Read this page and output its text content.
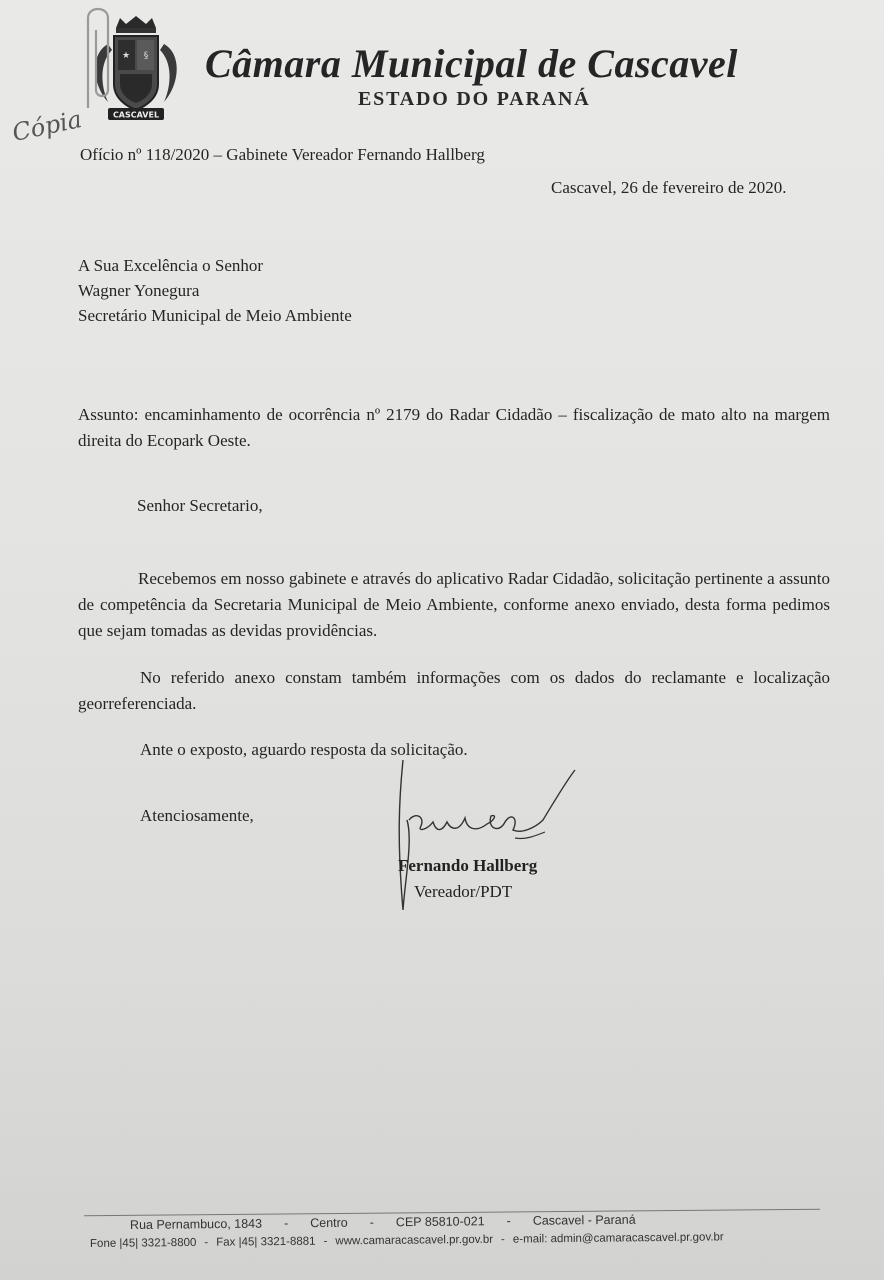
★ §
CASCAVEL
Câmara Municipal de Cascavel
ESTADO DO PARANÁ
Cópia
Ofício nº 118/2020 – Gabinete Vereador Fernando Hallberg
Cascavel, 26 de fevereiro de 2020.
A Sua Excelência o Senhor
Wagner Yonegura
Secretário Municipal de Meio Ambiente
Assunto: encaminhamento de ocorrência nº 2179 do Radar Cidadão – fiscalização de mato alto na margem direita do Ecopark Oeste.
Senhor Secretario,
Recebemos em nosso gabinete e através do aplicativo Radar Cidadão, solicitação pertinente a assunto de competência da Secretaria Municipal de Meio Ambiente, conforme anexo enviado, desta forma pedimos que sejam tomadas as devidas providências.
No referido anexo constam também informações com os dados do reclamante e localização georreferenciada.
Ante o exposto, aguardo resposta da solicitação.
Atenciosamente,
Fernando Hallberg
Vereador/PDT
Rua Pernambuco, 1843 - Centro - CEP 85810-021 - Cascavel - Paraná
Fone |45| 3321-8800 - Fax |45| 3321-8881 - www.camaracascavel.pr.gov.br - e-mail: admin@camaracascavel.pr.gov.br
